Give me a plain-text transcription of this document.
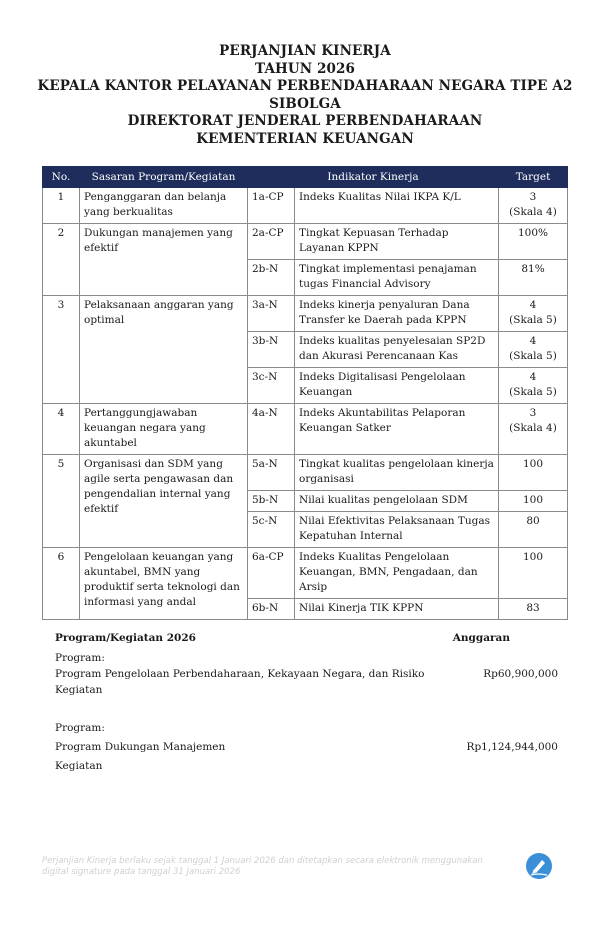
PERJANJIAN KINERJA
TAHUN 2026
KEPALA KANTOR PELAYANAN PERBENDAHARAAN NEGARA TIPE A2
SIBOLGA
DIREKTORAT JENDERAL PERBENDAHARAAN
KEMENTERIAN KEUANGAN
No.	Sasaran Program/Kegiatan	Indikator Kinerja		Target
1	Penganggaran dan belanja yang berkualitas	1a-CP	Indeks Kualitas Nilai IKPA K/L	3
(Skala 4)

2	Dukungan manajemen yang efektif	2a-CP	Tingkat Kepuasan Terhadap Layanan KPPN	100%

		2b-N	Tingkat implementasi penajaman tugas Financial Advisory	81%

3	Pelaksanaan anggaran yang optimal	3a-N	Indeks kinerja penyaluran Dana Transfer ke Daerah pada KPPN	4
(Skala 5)

		3b-N	Indeks kualitas penyelesaian SP2D dan Akurasi Perencanaan Kas	4
(Skala 5)

		3c-N	Indeks Digitalisasi Pengelolaan Keuangan	4
(Skala 5)

4	Pertanggungjawaban keuangan negara yang akuntabel	4a-N	Indeks Akuntabilitas Pelaporan Keuangan Satker	3
(Skala 4)

5	Organisasi dan SDM yang agile serta pengawasan dan pengendalian internal yang efektif	5a-N	Tingkat kualitas pengelolaan kinerja organisasi	100

		5b-N	Nilai kualitas pengelolaan SDM	100

		5c-N	Nilai Efektivitas Pelaksanaan Tugas Kepatuhan Internal	80

6	Pengelolaan keuangan yang akuntabel, BMN yang produktif serta teknologi dan informasi yang andal	6a-CP	Indeks Kualitas Pengelolaan Keuangan, BMN, Pengadaan, dan Arsip	100

		6b-N	Nilai Kinerja TIK KPPN	83
Program/Kegiatan 2026	Anggaran
Program:
Program Pengelolaan Perbendaharaan, Kekayaan Negara, dan Risiko	Rp60,900,000
Kegiatan
Program:
Program Dukungan Manajemen	Rp1,124,944,000
Kegiatan
Perjanjian Kinerja berlaku sejak tanggal 1 Januari 2026 dan ditetapkan secara elektronik menggunakan
digital signature pada tanggal 31 Januari 2026
